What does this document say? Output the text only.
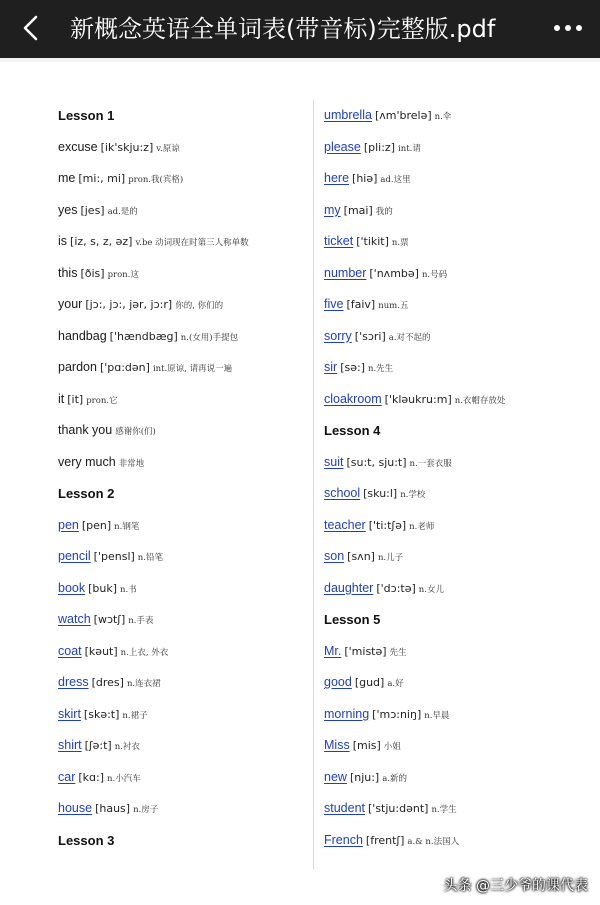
新概念英语全单词表(带音标)完整版.pdf
Lesson 1
excuse [ik'skju:z] v.原谅
me [mi:, mi] pron.我(宾格)
yes [jes] ad.是的
is [iz, s, z, əz] v.be 动词现在时第三人称单数
this [ðis] pron.这
your [jɔ:, jɔ:, jər, jɔ:r] 你的, 你们的
handbag ['hændbæg] n.(女用)手提包
pardon ['pɑ:dən] int.原谅, 请再说一遍
it [it] pron.它
thank you 感谢你(们)
very much 非常地
Lesson 2
pen [pen] n.钢笔
pencil ['pensl] n.铅笔
book [buk] n.书
watch [wɔtʃ] n.手表
coat [kəut] n.上衣, 外衣
dress [dres] n.连衣裙
skirt [skə:t] n.裙子
shirt [ʃə:t] n.衬衣
car [kɑ:] n.小汽车
house [haus] n.房子
Lesson 3
umbrella [ʌm'brelə] n.伞
please [pli:z] int.请
here [hiə] ad.这里
my [mai] 我的
ticket ['tikit] n.票
number ['nʌmbə] n.号码
five [faiv] num.五
sorry ['sɔri] a.对不起的
sir [sə:] n.先生
cloakroom ['kləukru:m] n.衣帽存放处
Lesson 4
suit [su:t, sju:t] n.一套衣服
school [sku:l] n.学校
teacher ['ti:tʃə] n.老师
son [sʌn] n.儿子
daughter ['dɔ:tə] n.女儿
Lesson 5
Mr. ['mistə] 先生
good [gud] a.好
morning ['mɔ:niŋ] n.早晨
Miss [mis] 小姐
new [nju:] a.新的
student ['stju:dənt] n.学生
French [frentʃ] a.& n.法国人
头条 @三少爷的课代表
